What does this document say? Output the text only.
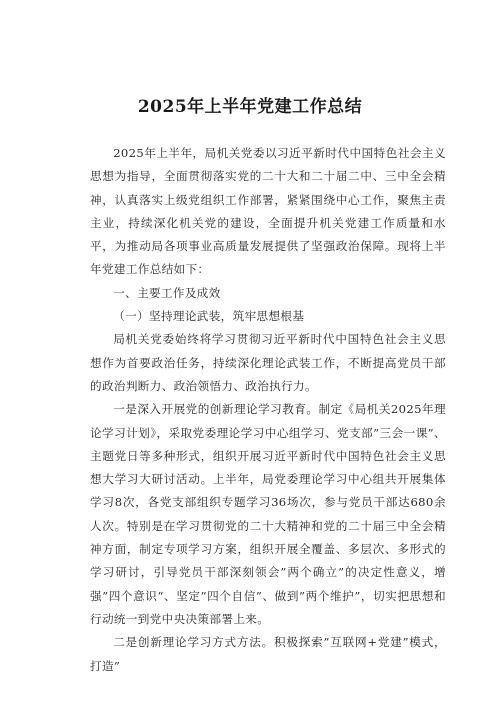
2025年上半年党建工作总结

2025年上半年，局机关党委以习近平新时代中国特色社会主义思想为指导，全面贯彻落实党的二十大和二十届二中、三中全会精神，认真落实上级党组织工作部署，紧紧围绕中心工作，聚焦主责主业，持续深化机关党的建设，全面提升机关党建工作质量和水平，为推动局各项事业高质量发展提供了坚强政治保障。现将上半年党建工作总结如下：

一、主要工作及成效

（一）坚持理论武装，筑牢思想根基

局机关党委始终将学习贯彻习近平新时代中国特色社会主义思想作为首要政治任务，持续深化理论武装工作，不断提高党员干部的政治判断力、政治领悟力、政治执行力。

一是深入开展党的创新理论学习教育。制定《局机关2025年理论学习计划》，采取党委理论学习中心组学习、党支部”三会一课”、主题党日等多种形式，组织开展习近平新时代中国特色社会主义思想大学习大研讨活动。上半年，局党委理论学习中心组共开展集体学习8次，各党支部组织专题学习36场次，参与党员干部达680余人次。特别是在学习贯彻党的二十大精神和党的二十届三中全会精神方面，制定专项学习方案，组织开展全覆盖、多层次、多形式的学习研讨，引导党员干部深刻领会”两个确立”的决定性意义，增强”四个意识“、坚定”四个自信”、做到”两个维护”，切实把思想和行动统一到党中央决策部署上来。

二是创新理论学习方式方法。积极探索”互联网+党建”模式，打造”
